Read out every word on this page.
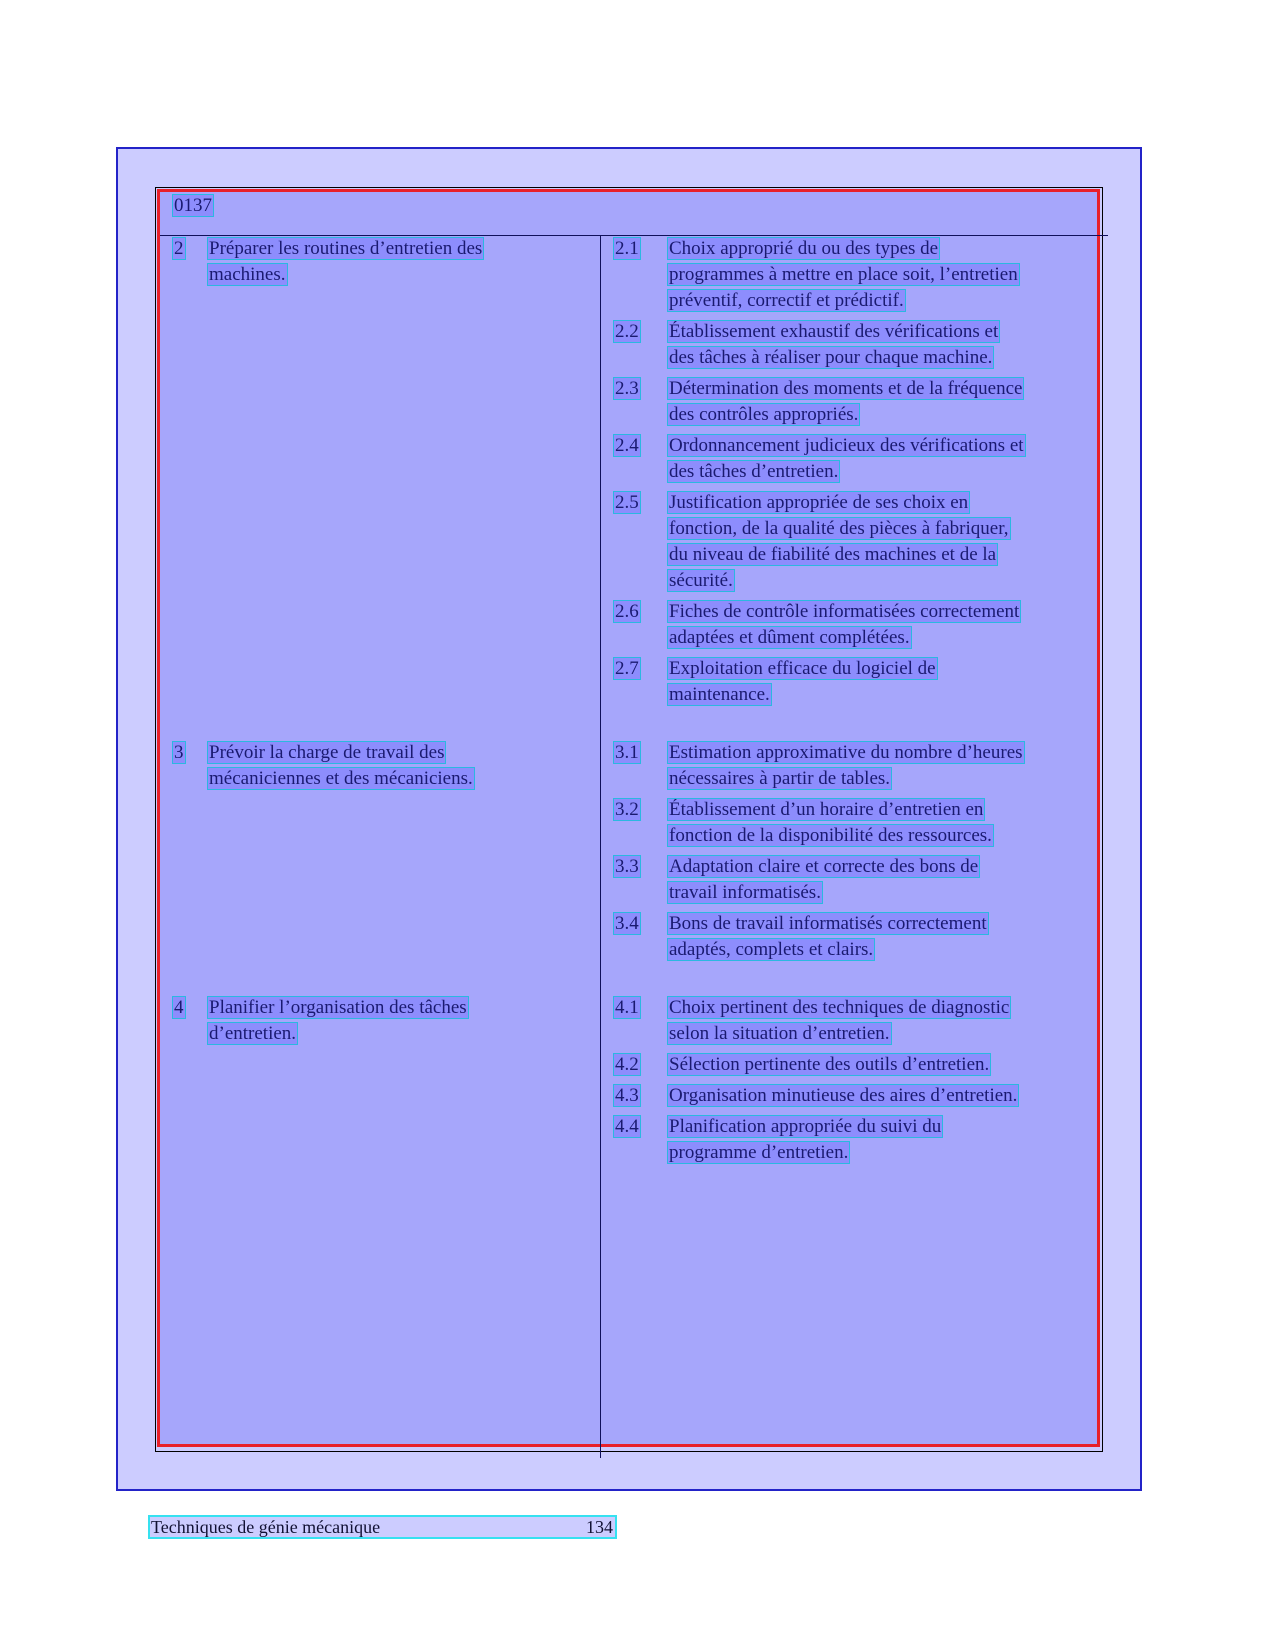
0137
2 Préparer les routines d’entretien des
machines.
2.1 Choix approprié du ou des types de
programmes à mettre en place soit, l’entretien
préventif, correctif et prédictif.
2.2 Établissement exhaustif des vérifications et
des tâches à réaliser pour chaque machine.
2.3 Détermination des moments et de la fréquence
des contrôles appropriés.
2.4 Ordonnancement judicieux des vérifications et
des tâches d’entretien.
2.5 Justification appropriée de ses choix en
fonction, de la qualité des pièces à fabriquer,
du niveau de fiabilité des machines et de la
sécurité.
2.6 Fiches de contrôle informatisées correctement
adaptées et dûment complétées.
2.7 Exploitation efficace du logiciel de
maintenance.
3 Prévoir la charge de travail des
mécaniciennes et des mécaniciens.
3.1 Estimation approximative du nombre d’heures
nécessaires à partir de tables.
3.2 Établissement d’un horaire d’entretien en
fonction de la disponibilité des ressources.
3.3 Adaptation claire et correcte des bons de
travail informatisés.
3.4 Bons de travail informatisés correctement
adaptés, complets et clairs.
4 Planifier l’organisation des tâches
d’entretien.
4.1 Choix pertinent des techniques de diagnostic
selon la situation d’entretien.
4.2 Sélection pertinente des outils d’entretien.
4.3 Organisation minutieuse des aires d’entretien.
4.4 Planification appropriée du suivi du
programme d’entretien.
Techniques de génie mécanique	134
